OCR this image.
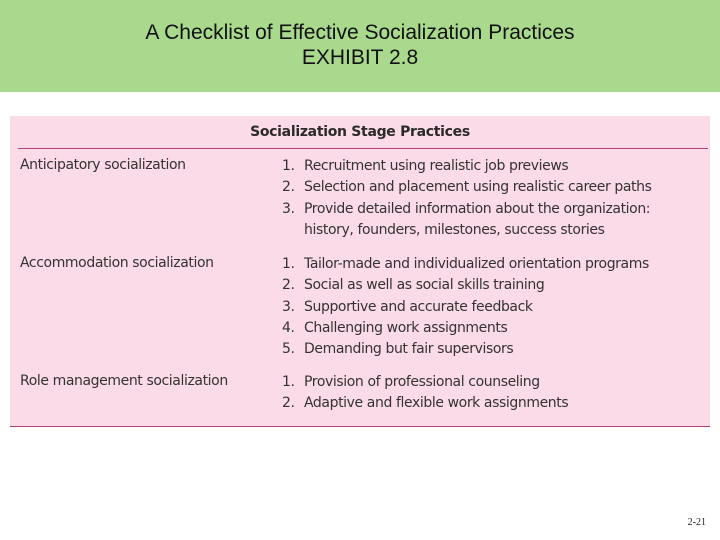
A Checklist of Effective Socialization Practices
EXHIBIT 2.8
Socialization Stage Practices
Anticipatory socialization	1. Recruitment using realistic job previews
2. Selection and placement using realistic career paths
3. Provide detailed information about the organization: history, founders, milestones, success stories
Accommodation socialization	1. Tailor-made and individualized orientation programs
2. Social as well as social skills training
3. Supportive and accurate feedback
4. Challenging work assignments
5. Demanding but fair supervisors
Role management socialization	1. Provision of professional counseling
2. Adaptive and flexible work assignments
2-21
